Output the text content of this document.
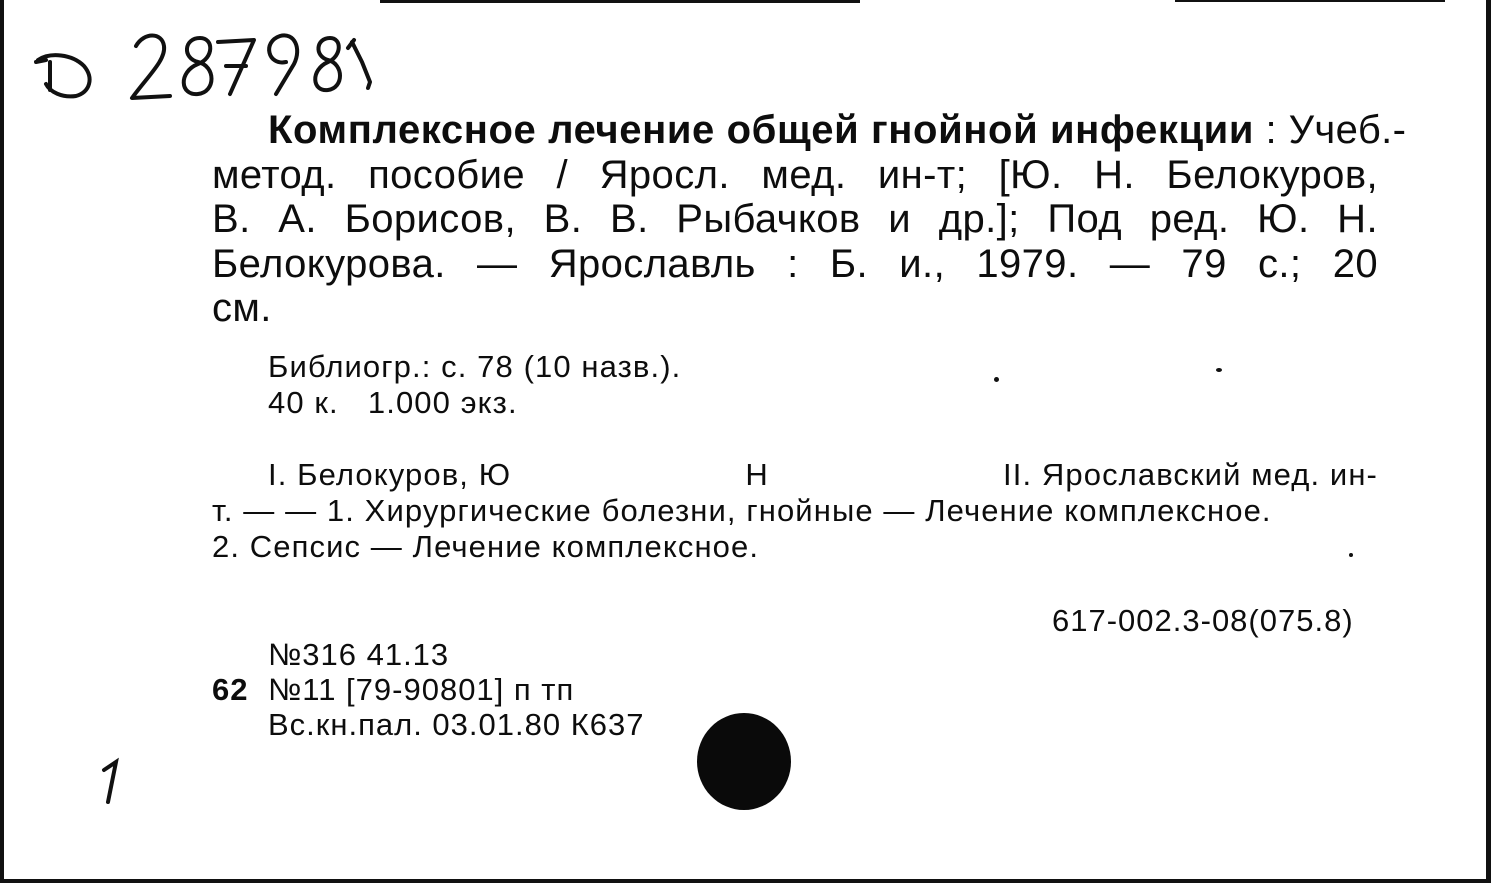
Комплексное лечение общей гнойной инфекции : Учеб.-
метод. пособие / Яросл. мед. ин-т; [Ю. Н. Белокуров,
В. А. Борисов, В. В. Рыбачков и др.]; Под ред. Ю. Н.
Белокурова. — Ярославль : Б. и., 1979. — 79 с.; 20
см.
Библиогр.: с. 78 (10 назв.).
40 к.   1.000 экз.
I. Белокуров, Ю	Н	II. Ярославский мед. ин-
т. — — 1. Хирургические болезни, гнойные — Лечение комплексное.
2. Сепсис — Лечение комплексное.
617-002.3-08(075.8)
№316 41.13
62 №11 [79-90801] п тп
Вс.кн.пал. 03.01.80 К637
